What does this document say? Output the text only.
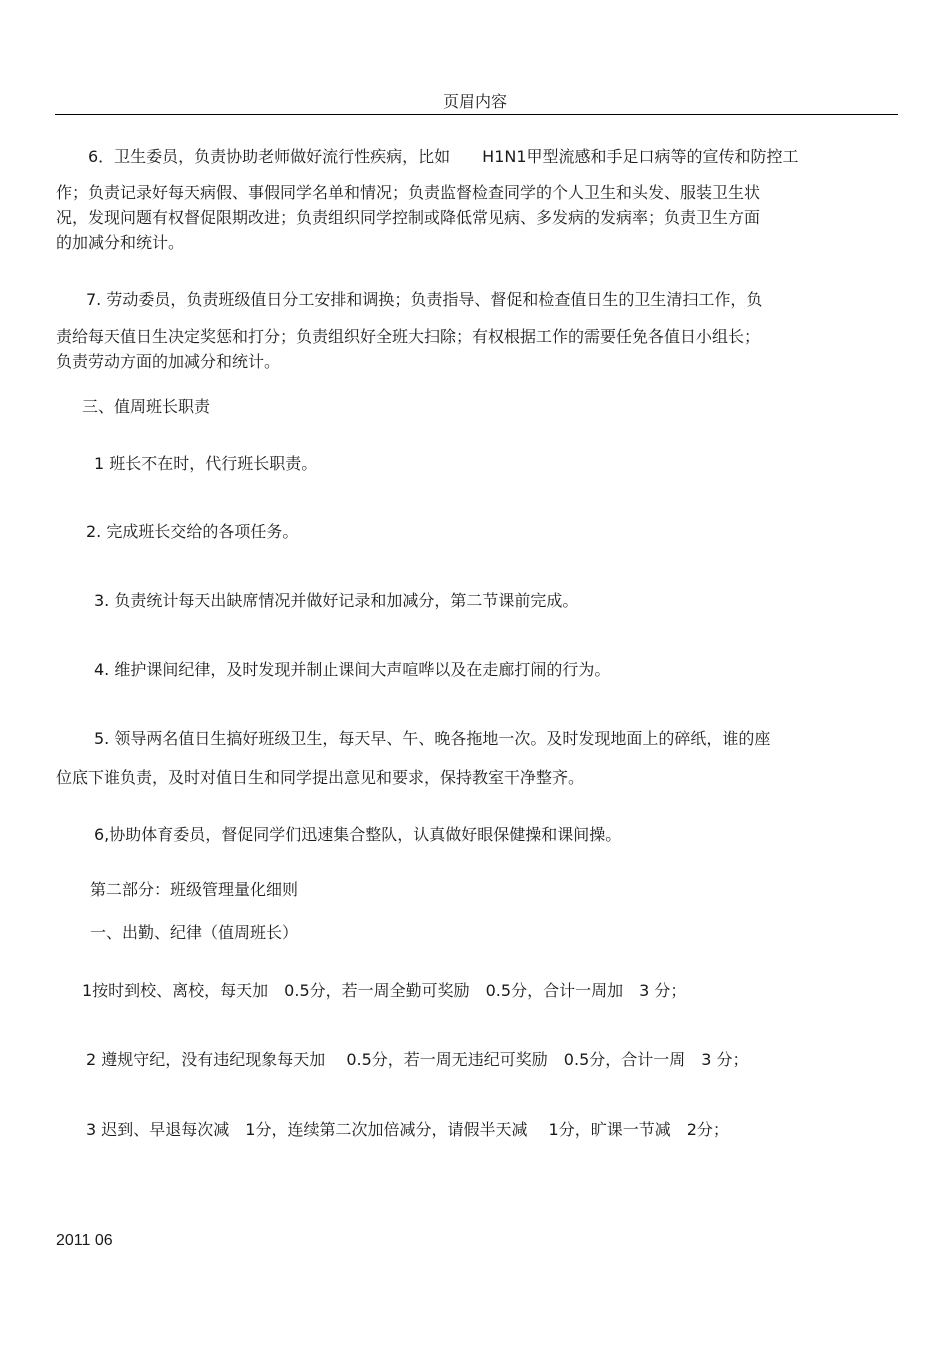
页眉内容
6．卫生委员，负责协助老师做好流行性疾病，比如　　H1N1甲型流感和手足口病等的宣传和防控工
作；负责记录好每天病假、事假同学名单和情况；负责监督检查同学的个人卫生和头发、服装卫生状
况，发现问题有权督促限期改进；负责组织同学控制或降低常见病、多发病的发病率；负责卫生方面
的加减分和统计。
7. 劳动委员，负责班级值日分工安排和调换；负责指导、督促和检查值日生的卫生清扫工作，负
责给每天值日生决定奖惩和打分；负责组织好全班大扫除；有权根据工作的需要任免各值日小组长；
负责劳动方面的加减分和统计。
三、值周班长职责
1 班长不在时，代行班长职责。
2. 完成班长交给的各项任务。
3. 负责统计每天出缺席情况并做好记录和加减分，第二节课前完成。
4. 维护课间纪律，及时发现并制止课间大声喧哗以及在走廊打闹的行为。
5. 领导两名值日生搞好班级卫生，每天早、午、晚各拖地一次。及时发现地面上的碎纸，谁的座
位底下谁负责，及时对值日生和同学提出意见和要求，保持教室干净整齐。
6,协助体育委员，督促同学们迅速集合整队，认真做好眼保健操和课间操。
第二部分：班级管理量化细则
一、出勤、纪律（值周班长）
1按时到校、离校，每天加　0.5分，若一周全勤可奖励　0.5分，合计一周加　3 分；
2 遵规守纪，没有违纪现象每天加　 0.5分，若一周无违纪可奖励　0.5分，合计一周　3 分；
3 迟到、早退每次减　1分，连续第二次加倍减分，请假半天减　 1分，旷课一节减　2分；
2011 06
